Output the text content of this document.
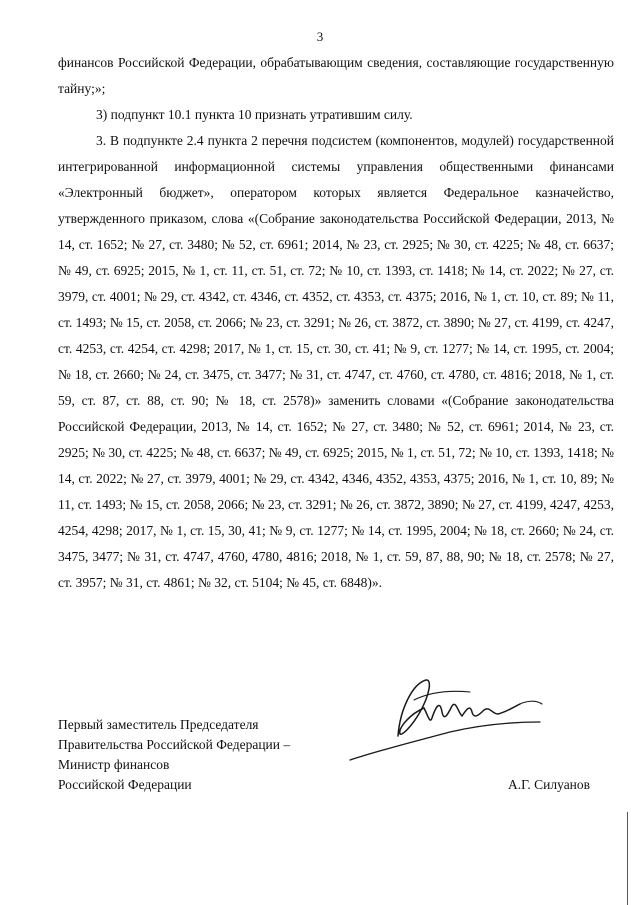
3

финансов Российской Федерации, обрабатывающим сведения, составляющие государственную тайну;»;

3) подпункт 10.1 пункта 10 признать утратившим силу.

3. В подпункте 2.4 пункта 2 перечня подсистем (компонентов, модулей) государственной интегрированной информационной системы управления общественными финансами «Электронный бюджет», оператором которых является Федеральное казначейство, утвержденного приказом, слова «(Собрание законодательства Российской Федерации, 2013, № 14, ст. 1652; № 27, ст. 3480; № 52, ст. 6961; 2014, № 23, ст. 2925; № 30, ст. 4225; № 48, ст. 6637; № 49, ст. 6925; 2015, № 1, ст. 11, ст. 51, ст. 72; № 10, ст. 1393, ст. 1418; № 14, ст. 2022; № 27, ст. 3979, ст. 4001; № 29, ст. 4342, ст. 4346, ст. 4352, ст. 4353, ст. 4375; 2016, № 1, ст. 10, ст. 89; № 11, ст. 1493; № 15, ст. 2058, ст. 2066; № 23, ст. 3291; № 26, ст. 3872, ст. 3890; № 27, ст. 4199, ст. 4247, ст. 4253, ст. 4254, ст. 4298; 2017, № 1, ст. 15, ст. 30, ст. 41; № 9, ст. 1277; № 14, ст. 1995, ст. 2004; № 18, ст. 2660; № 24, ст. 3475, ст. 3477; № 31, ст. 4747, ст. 4760, ст. 4780, ст. 4816; 2018, № 1, ст. 59, ст. 87, ст. 88, ст. 90; № 18, ст. 2578)» заменить словами «(Собрание законодательства Российской Федерации, 2013, № 14, ст. 1652; № 27, ст. 3480; № 52, ст. 6961; 2014, № 23, ст. 2925; № 30, ст. 4225; № 48, ст. 6637; № 49, ст. 6925; 2015, № 1, ст. 51, 72; № 10, ст. 1393, 1418; № 14, ст. 2022; № 27, ст. 3979, 4001; № 29, ст. 4342, 4346, 4352, 4353, 4375; 2016, № 1, ст. 10, 89; № 11, ст. 1493; № 15, ст. 2058, 2066; № 23, ст. 3291; № 26, ст. 3872, 3890; № 27, ст. 4199, 4247, 4253, 4254, 4298; 2017, № 1, ст. 15, 30, 41; № 9, ст. 1277; № 14, ст. 1995, 2004; № 18, ст. 2660; № 24, ст. 3475, 3477; № 31, ст. 4747, 4760, 4780, 4816; 2018, № 1, ст. 59, 87, 88, 90; № 18, ст. 2578; № 27, ст. 3957; № 31, ст. 4861; № 32, ст. 5104; № 45, ст. 6848)».

Первый заместитель Председателя
Правительства Российской Федерации –
Министр финансов
Российской Федерации	А.Г. Силуанов
